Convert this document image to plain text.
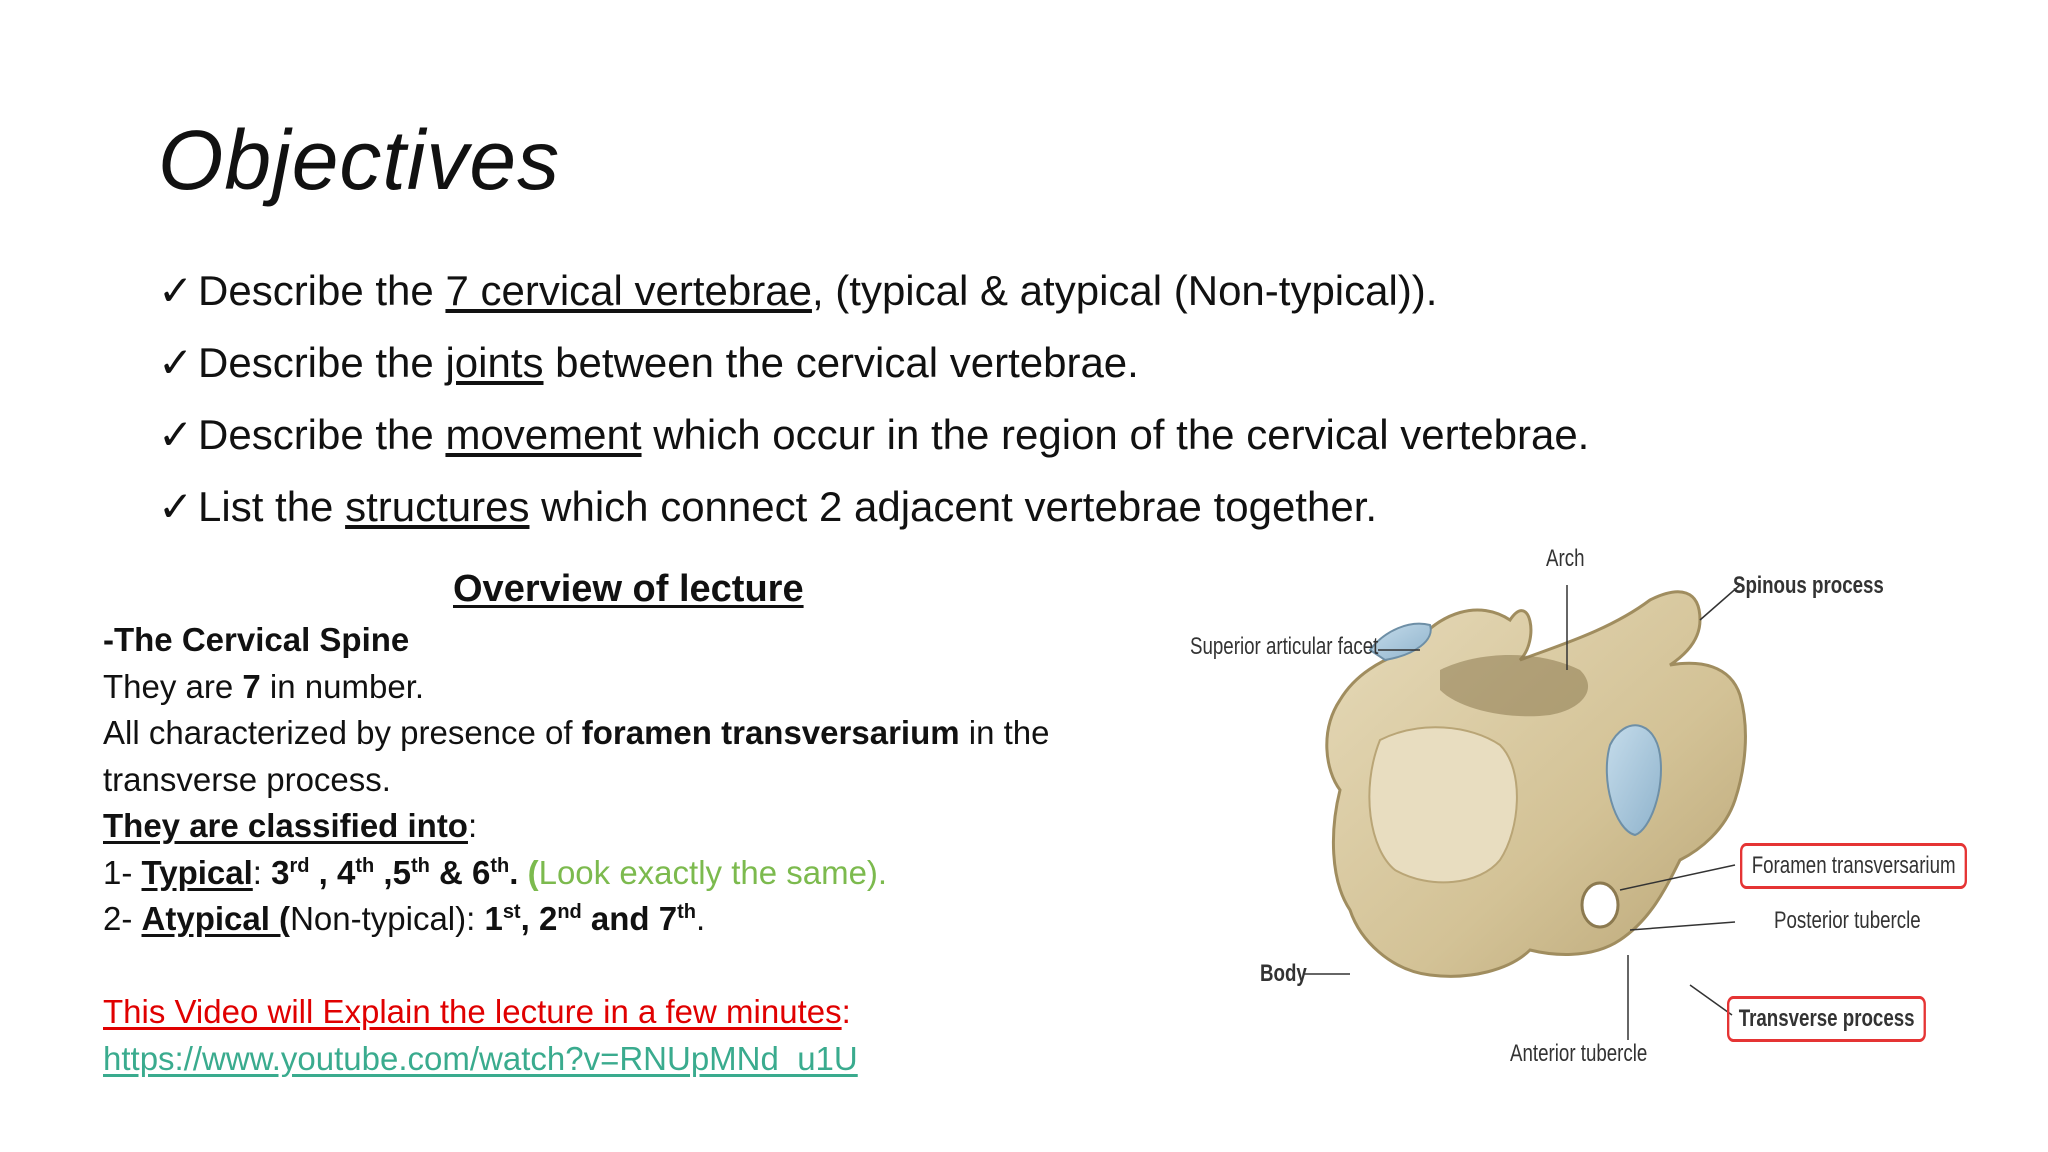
Objectives
✓ Describe the 7 cervical vertebrae, (typical & atypical (Non-typical)).
✓ Describe the joints between the cervical vertebrae.
✓ Describe the movement which occur in the region of the cervical vertebrae.
✓ List the structures which connect 2 adjacent vertebrae together.
Overview of lecture

-The Cervical Spine

They are 7 in number.

All characterized by presence of foramen transversarium in the

transverse process.

They are classified into:

1- Typical: 3rd , 4th ,5th & 6th. (Look exactly the same).

2- Atypical (Non-typical): 1st, 2nd and 7th.

This Video will Explain the lecture in a few minutes:

https://www.youtube.com/watch?v=RNUpMNd_u1U

Arch
Spinous process
Superior articular facet
Foramen transversarium
Posterior tubercle
Body
Transverse process
Anterior tubercle
